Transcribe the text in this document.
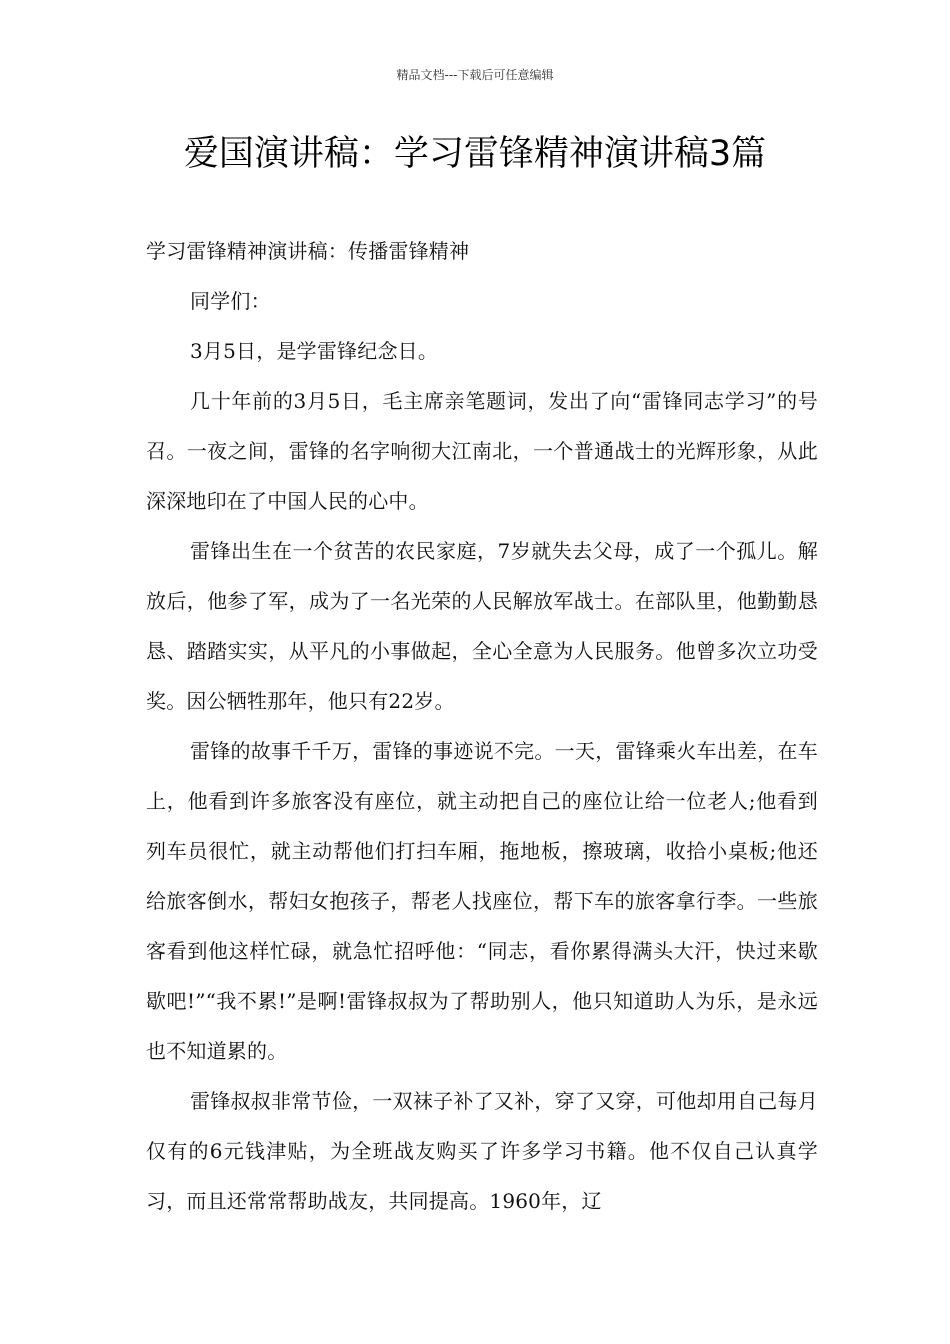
精品文档---下载后可任意编辑
爱国演讲稿：学习雷锋精神演讲稿3篇

学习雷锋精神演讲稿：传播雷锋精神

同学们：

3月5日，是学雷锋纪念日。

几十年前的3月5日，毛主席亲笔题词，发出了向“雷锋同志学习”的号召。一夜之间，雷锋的名字响彻大江南北，一个普通战士的光辉形象，从此深深地印在了中国人民的心中。

雷锋出生在一个贫苦的农民家庭，7岁就失去父母，成了一个孤儿。解放后，他参了军，成为了一名光荣的人民解放军战士。在部队里，他勤勤恳恳、踏踏实实，从平凡的小事做起，全心全意为人民服务。他曾多次立功受奖。因公牺牲那年，他只有22岁。

雷锋的故事千千万，雷锋的事迹说不完。一天，雷锋乘火车出差，在车上，他看到许多旅客没有座位，就主动把自己的座位让给一位老人;他看到列车员很忙，就主动帮他们打扫车厢，拖地板，擦玻璃，收拾小桌板;他还给旅客倒水，帮妇女抱孩子，帮老人找座位，帮下车的旅客拿行李。一些旅客看到他这样忙碌，就急忙招呼他：“同志，看你累得满头大汗，快过来歇歇吧!”“我不累!”是啊!雷锋叔叔为了帮助别人，他只知道助人为乐，是永远也不知道累的。

雷锋叔叔非常节俭，一双袜子补了又补，穿了又穿，可他却用自己每月仅有的6元钱津贴，为全班战友购买了许多学习书籍。他不仅自己认真学习，而且还常常帮助战友，共同提高。1960年，辽
